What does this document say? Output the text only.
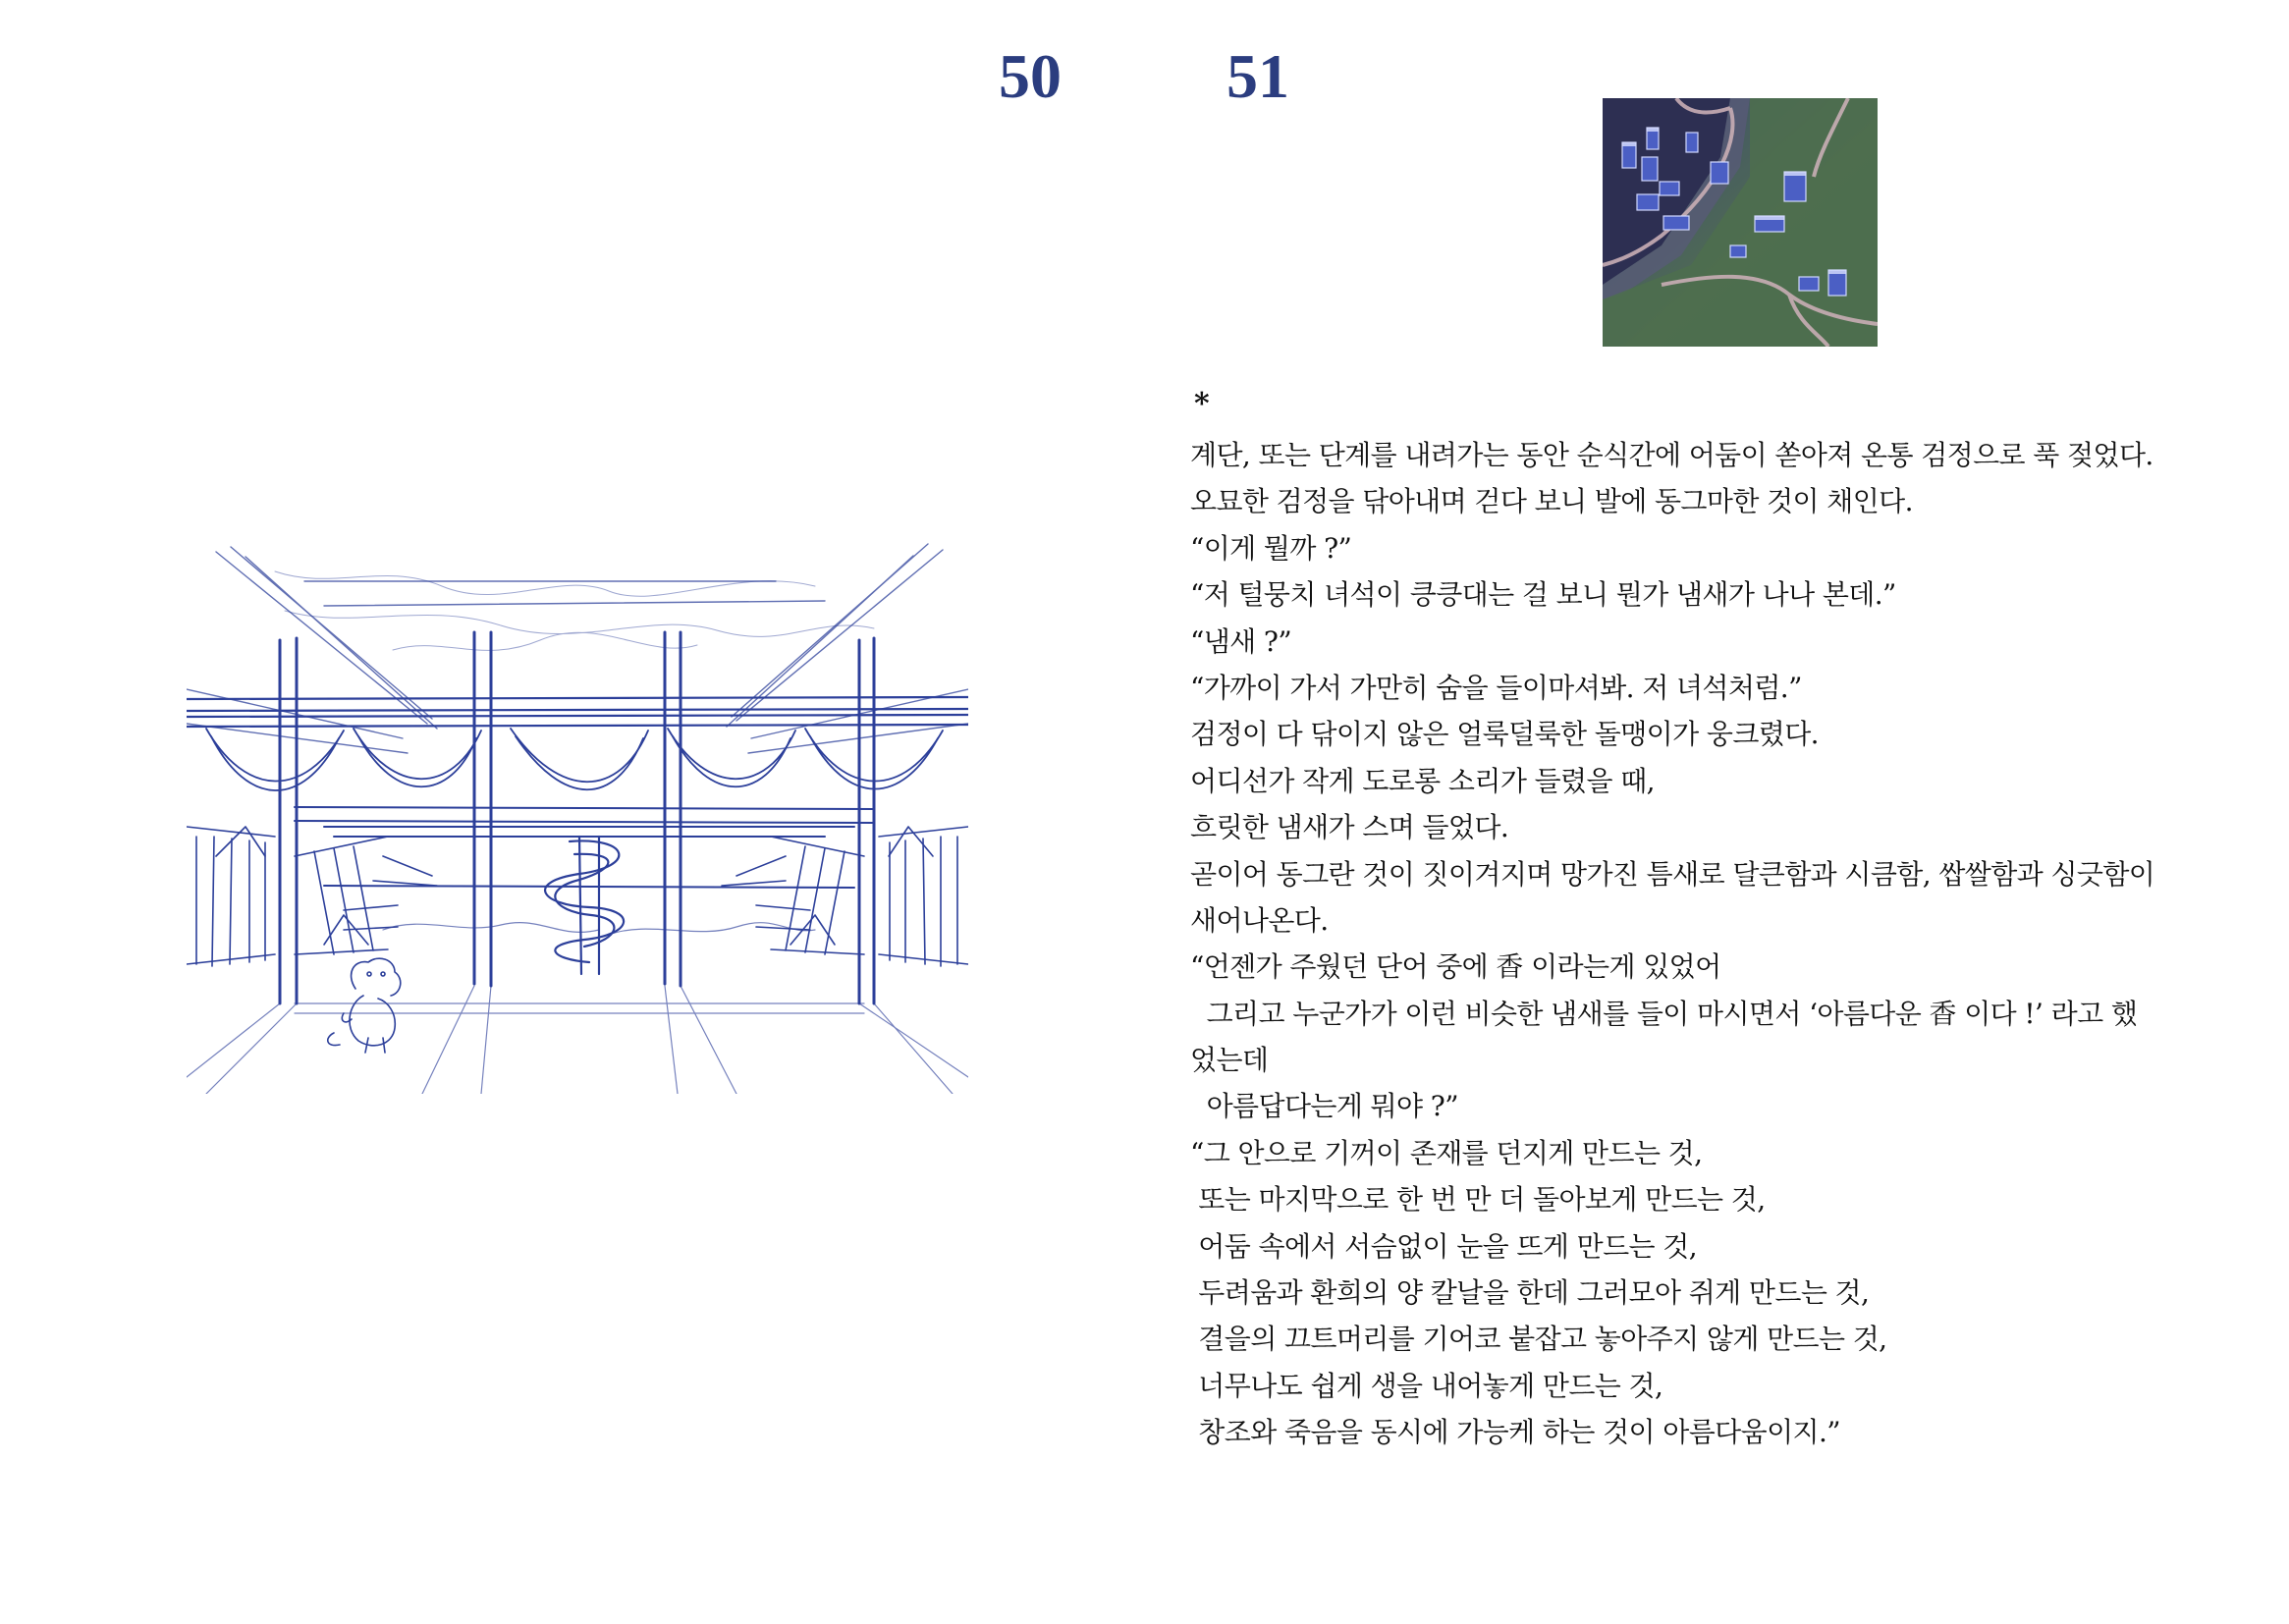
50	51
*
계단, 또는 단계를 내려가는 동안 순식간에 어둠이 쏟아져 온통 검정으로 푹 젖었다.
오묘한 검정을 닦아내며 걷다 보니 발에 동그마한 것이 채인다.
“이게 뭘까 ?”
“저 털뭉치 녀석이 킁킁대는 걸 보니 뭔가 냄새가 나나 본데.”
“냄새 ?”
“가까이 가서 가만히 숨을 들이마셔봐. 저 녀석처럼.”
검정이 다 닦이지 않은 얼룩덜룩한 돌맹이가 웅크렸다.
어디선가 작게 도로롱 소리가 들렸을 때,
흐릿한 냄새가 스며 들었다.
곧이어 동그란 것이 짓이겨지며 망가진 틈새로 달큰함과 시큼함, 쌉쌀함과 싱긋함이
새어나온다.
“언젠가 주웠던 단어 중에 香 이라는게 있었어
그리고 누군가가 이런 비슷한 냄새를 들이 마시면서 ‘아름다운 香 이다 !’ 라고 했
었는데
아름답다는게 뭐야 ?”
“그 안으로 기꺼이 존재를 던지게 만드는 것,
또는 마지막으로 한 번 만 더 돌아보게 만드는 것,
어둠 속에서 서슴없이 눈을 뜨게 만드는 것,
두려움과 환희의 양 칼날을 한데 그러모아 쥐게 만드는 것,
결을의 끄트머리를 기어코 붙잡고 놓아주지 않게 만드는 것,
너무나도 쉽게 생을 내어놓게 만드는 것,
창조와 죽음을 동시에 가능케 하는 것이 아름다움이지.”
